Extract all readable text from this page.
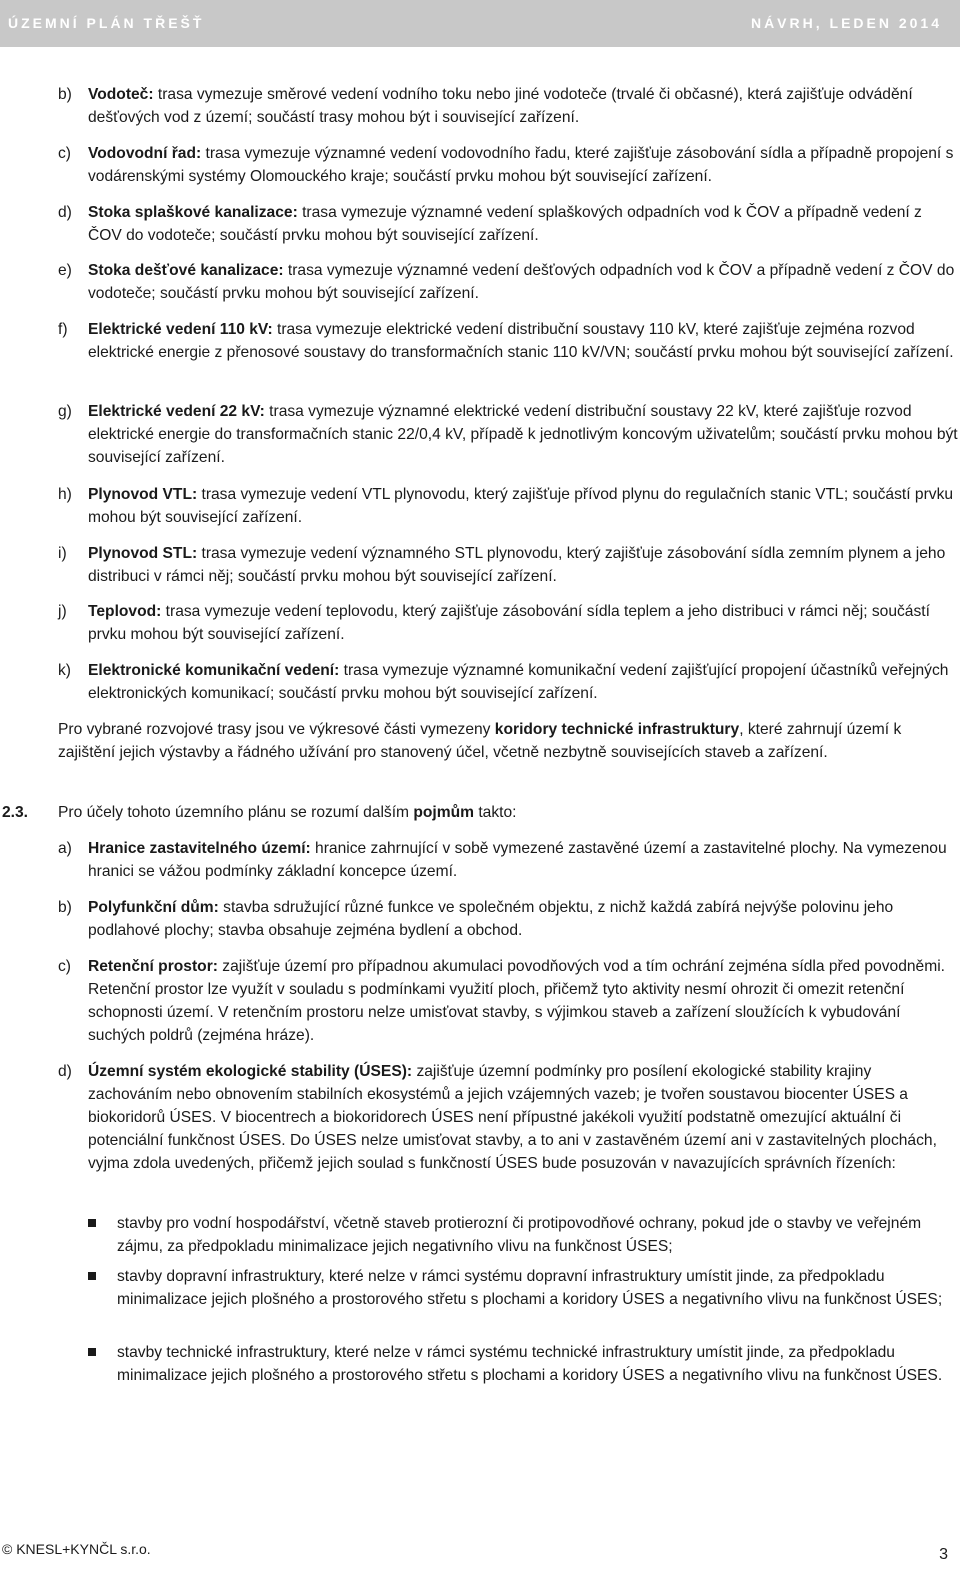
ÚZEMNÍ PLÁN TŘEŠŤ	NÁVRH, LEDEN 2014
b) Vodoteč: trasa vymezuje směrové vedení vodního toku nebo jiné vodoteče (trvalé či občasné), která zajišťuje odvádění dešťových vod z území; součástí trasy mohou být i související zařízení.
c) Vodovodní řad: trasa vymezuje významné vedení vodovodního řadu, které zajišťuje zásobování sídla a případně propojení s vodárenskými systémy Olomouckého kraje; součástí prvku mohou být související zařízení.
d) Stoka splaškové kanalizace: trasa vymezuje významné vedení splaškových odpadních vod k ČOV a případně vedení z ČOV do vodoteče; součástí prvku mohou být související zařízení.
e) Stoka dešťové kanalizace: trasa vymezuje významné vedení dešťových odpadních vod k ČOV a případně vedení z ČOV do vodoteče; součástí prvku mohou být související zařízení.
f) Elektrické vedení 110 kV: trasa vymezuje elektrické vedení distribuční soustavy 110 kV, které zajišťuje zejména rozvod elektrické energie z přenosové soustavy do transformačních stanic 110 kV/VN; součástí prvku mohou být související zařízení.
g) Elektrické vedení 22 kV: trasa vymezuje významné elektrické vedení distribuční soustavy 22 kV, které zajišťuje rozvod elektrické energie do transformačních stanic 22/0,4 kV, případě k jednotlivým koncovým uživatelům; součástí prvku mohou být související zařízení.
h) Plynovod VTL: trasa vymezuje vedení VTL plynovodu, který zajišťuje přívod plynu do regulačních stanic VTL; součástí prvku mohou být související zařízení.
i) Plynovod STL: trasa vymezuje vedení významného STL plynovodu, který zajišťuje zásobování sídla zemním plynem a jeho distribuci v rámci něj; součástí prvku mohou být související zařízení.
j) Teplovod: trasa vymezuje vedení teplovodu, který zajišťuje zásobování sídla teplem a jeho distribuci v rámci něj; součástí prvku mohou být související zařízení.
k) Elektronické komunikační vedení: trasa vymezuje významné komunikační vedení zajišťující propojení účastníků veřejných elektronických komunikací; součástí prvku mohou být související zařízení.
Pro vybrané rozvojové trasy jsou ve výkresové části vymezeny koridory technické infrastruktury, které zahrnují území k zajištění jejich výstavby a řádného užívání pro stanovený účel, včetně nezbytně souvisejících staveb a zařízení.
2.3. Pro účely tohoto územního plánu se rozumí dalším pojmům takto:
a) Hranice zastavitelného území: hranice zahrnující v sobě vymezené zastavěné území a zastavitelné plochy. Na vymezenou hranici se vážou podmínky základní koncepce území.
b) Polyfunkční dům: stavba sdružující různé funkce ve společném objektu, z nichž každá zabírá nejvýše polovinu jeho podlahové plochy; stavba obsahuje zejména bydlení a obchod.
c) Retenční prostor: zajišťuje území pro případnou akumulaci povodňových vod a tím ochrání zejména sídla před povodněmi. Retenční prostor lze využít v souladu s podmínkami využití ploch, přičemž tyto aktivity nesmí ohrozit či omezit retenční schopnosti území. V retenčním prostoru nelze umisťovat stavby, s výjimkou staveb a zařízení sloužících k vybudování suchých poldrů (zejména hráze).
d) Územní systém ekologické stability (ÚSES): zajišťuje územní podmínky pro posílení ekologické stability krajiny zachováním nebo obnovením stabilních ekosystémů a jejich vzájemných vazeb; je tvořen soustavou biocenter ÚSES a biokoridorů ÚSES. V biocentrech a biokoridorech ÚSES není přípustné jakékoli využití podstatně omezující aktuální či potenciální funkčnost ÚSES. Do ÚSES nelze umisťovat stavby, a to ani v zastavěném území ani v zastavitelných plochách, vyjma zdola uvedených, přičemž jejich soulad s funkčností ÚSES bude posuzován v navazujících správních řízeních:
stavby pro vodní hospodářství, včetně staveb protierozní či protipovodňové ochrany, pokud jde o stavby ve veřejném zájmu, za předpokladu minimalizace jejich negativního vlivu na funkčnost ÚSES;
stavby dopravní infrastruktury, které nelze v rámci systému dopravní infrastruktury umístit jinde, za předpokladu minimalizace jejich plošného a prostorového střetu s plochami a koridory ÚSES a negativního vlivu na funkčnost ÚSES;
stavby technické infrastruktury, které nelze v rámci systému technické infrastruktury umístit jinde, za předpokladu minimalizace jejich plošného a prostorového střetu s plochami a koridory ÚSES a negativního vlivu na funkčnost ÚSES.
© KNESL+KYNČL s.r.o.	3
